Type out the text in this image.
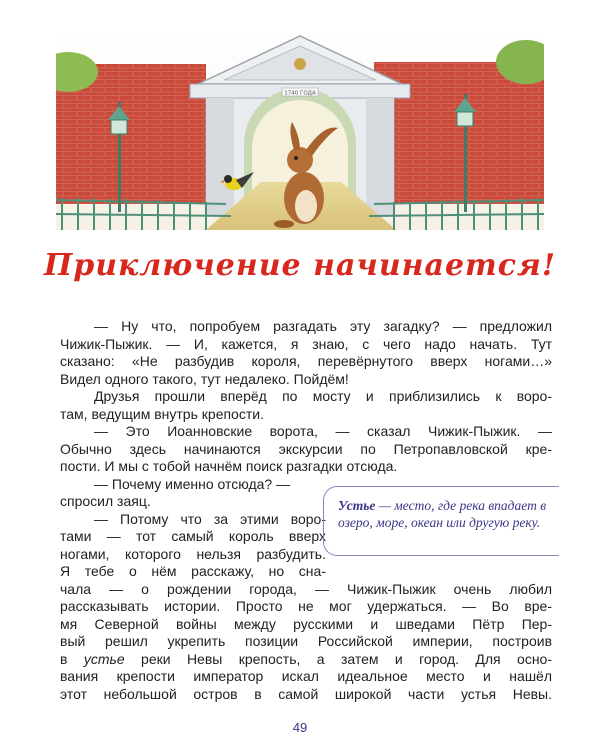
1740 ГОДА
Приключение начинается!
— Ну что, попробуем разгадать эту загадку? — предложил
Чижик-Пыжик. — И, кажется, я знаю, с чего надо начать. Тут
сказано: «Не разбудив короля, перевёрнутого вверх ногами…»
Видел одного такого, тут недалеко. Пойдём!
Друзья прошли вперёд по мосту и приблизились к воро-
там, ведущим внутрь крепости.
— Это Иоанновские ворота, — сказал Чижик-Пыжик. —
Обычно здесь начинаются экскурсии по Петропавловской кре-
пости. И мы с тобой начнём поиск разгадки отсюда.
— Почему именно отсюда? —
спросил заяц.
— Потому что за этими воро-
тами — тот самый король вверх
ногами, которого нельзя разбудить.
Я тебе о нём расскажу, но сна-
чала — о рождении города, — Чижик-Пыжик очень любил
рассказывать истории. Просто не мог удержаться. — Во вре-
мя Северной войны между русскими и шведами Пётр Пер-
вый решил укрепить позиции Российской империи, построив
в устье реки Невы крепость, а затем и город. Для осно-
вания крепости император искал идеальное место и нашёл
этот небольшой остров в самой широкой части устья Невы.
Устье — место, где река впадает в озеро, море, океан или другую реку.
49
